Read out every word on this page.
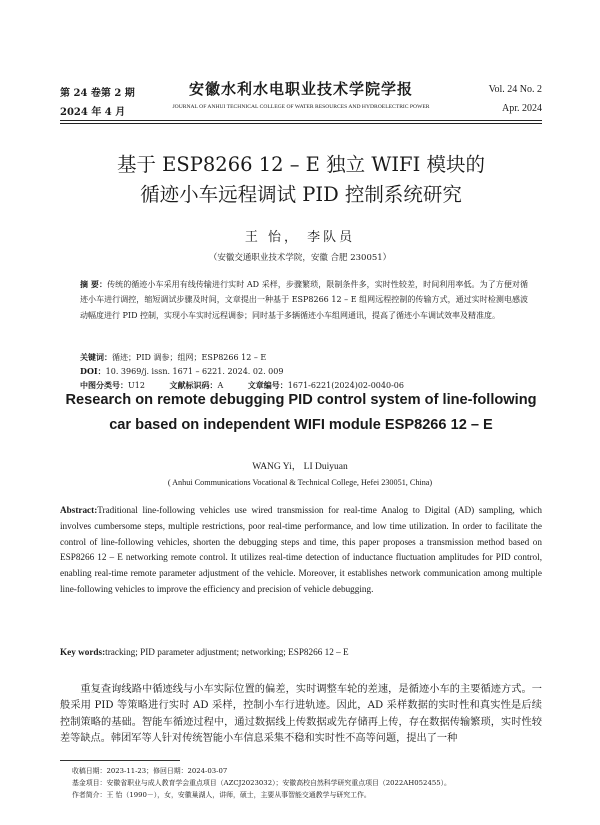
第 24 卷第 2 期
2024 年 4 月
安徽水利水电职业技术学院学报
JOURNAL OF ANHUI TECHNICAL COLLEGE OF WATER RESOURCES AND HYDROELECTRIC POWER
Vol. 24 No. 2
Apr. 2024
基于 ESP8266 12 – E 独立 WIFI 模块的
循迹小车远程调试 PID 控制系统研究
王 怡， 李队员
（安徽交通职业技术学院，安徽 合肥 230051）
摘 要：传统的循迹小车采用有线传输进行实时 AD 采样，步骤繁琐，限制条件多，实时性较差，时间利用率低。为了方便对循迹小车进行调控，缩短调试步骤及时间，文章提出一种基于 ESP8266 12 – E 组网远程控制的传输方式，通过实时检测电感波动幅度进行 PID 控制，实现小车实时远程调参；同时基于多辆循迹小车组网通讯，提高了循迹小车调试效率及精准度。
关键词：循迹；PID 调参；组网；ESP8266 12 – E
DOI：10. 3969/j. issn. 1671 – 6221. 2024. 02. 009
中图分类号：U12	文献标识码：A	文章编号：1671-6221(2024)02-0040-06
Research on remote debugging PID control system of line-following
car based on independent WIFI module ESP8266 12 – E
WANG Yi， LI Duiyuan
( Anhui Communications Vocational & Technical College, Hefei 230051, China)
Abstract:Traditional line-following vehicles use wired transmission for real-time Analog to Digital (AD) sampling, which involves cumbersome steps, multiple restrictions, poor real-time performance, and low time utilization. In order to facilitate the control of line-following vehicles, shorten the debugging steps and time, this paper proposes a transmission method based on ESP8266 12 – E networking remote control. It utilizes real-time detection of inductance fluctuation amplitudes for PID control, enabling real-time remote parameter adjustment of the vehicle. Moreover, it establishes network communication among multiple line-following vehicles to improve the efficiency and precision of vehicle debugging.
Key words:tracking; PID parameter adjustment; networking; ESP8266 12 – E
重复查询线路中循迹线与小车实际位置的偏差，实时调整车轮的差速，是循迹小车的主要循迹方式。一般采用 PID 等策略进行实时 AD 采样，控制小车行进轨迹。因此，AD 采样数据的实时性和真实性是后续控制策略的基础。智能车循迹过程中，通过数据线上传数据或先存储再上传，存在数据传输繁琐，实时性较差等缺点。韩团军等人针对传统智能小车信息采集不稳和实时性不高等问题，提出了一种
收稿日期：2023-11-23；修回日期：2024-03-07
基金项目：安徽省职业与成人教育学会重点项目（AZCJ2023032）；安徽高校自然科学研究重点项目（2022AH052455）。
作者简介：王 怡（1990－），女，安徽巢湖人，讲师，硕士，主要从事智能交通教学与研究工作。
